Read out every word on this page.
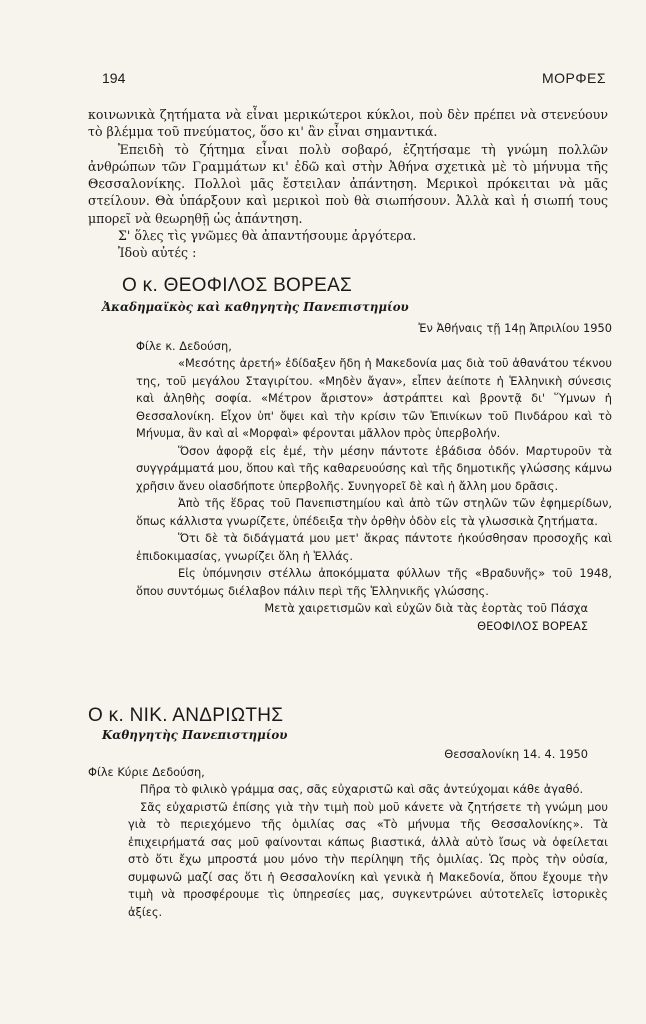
194	ΜΟΡΦΕΣ

κοινωνικὰ ζητήματα νὰ εἶναι μερικώτεροι κύκλοι, ποὺ δὲν πρέπει νὰ στενεύουν τὸ βλέμμα τοῦ πνεύματος, ὅσο κι' ἂν εἶναι σημαντικά.

Ἐπειδὴ τὸ ζήτημα εἶναι πολὺ σοβαρό, ἐζητήσαμε τὴ γνώμη πολλῶν ἀνθρώπων τῶν Γραμμάτων κι' ἐδῶ καὶ στὴν Ἀθήνα σχετικὰ μὲ τὸ μήνυμα τῆς Θεσσαλονίκης. Πολλοὶ μᾶς ἔστειλαν ἀπάντηση. Μερικοὶ πρόκειται νὰ μᾶς στείλουν. Θὰ ὑπάρξουν καὶ μερικοὶ ποὺ θὰ σιωπήσουν. Ἀλλὰ καὶ ἡ σιωπή τους μπορεῖ νὰ θεωρηθῇ ὡς ἀπάντηση.

Σ' ὅλες τὶς γνῶμες θὰ ἀπαντήσουμε ἀργότερα.

Ἰδοὺ αὐτές :

Ο κ. ΘΕΟΦΙΛΟΣ ΒΟΡΕΑΣ
Ἀκαδημαϊκὸς καὶ καθηγητὴς Πανεπιστημίου

Ἐν Ἀθήναις τῇ 14ῃ Ἀπριλίου 1950

Φίλε κ. Δεδούση,

«Μεσότης ἀρετή» ἐδίδαξεν ἤδη ἡ Μακεδονία μας διὰ τοῦ ἀθανάτου τέκνου της, τοῦ μεγάλου Σταγιρίτου. «Μηδὲν ἄγαν», εἶπεν ἀείποτε ἡ Ἑλληνικὴ σύνεσις καὶ ἀληθὴς σοφία. «Μέτρον ἄριστον» ἀστράπτει καὶ βροντᾷ δι' Ὕμνων ἡ Θεσσαλονίκη. Εἶχον ὑπ' ὄψει καὶ τὴν κρίσιν τῶν Ἐπινίκων τοῦ Πινδάρου καὶ τὸ Μήνυμα, ἂν καὶ αἱ «Μορφαὶ» φέρονται μᾶλλον πρὸς ὑπερβολήν.

Ὅσον ἀφορᾷ εἰς ἐμέ, τὴν μέσην πάντοτε ἐβάδισα ὁδόν. Μαρτυροῦν τὰ συγγράμματά μου, ὅπου καὶ τῆς καθαρευούσης καὶ τῆς δημοτικῆς γλώσσης κάμνω χρῆσιν ἄνευ οἱασδήποτε ὑπερβολῆς. Συνηγορεῖ δὲ καὶ ἡ ἄλλη μου δρᾶσις.

Ἀπὸ τῆς ἕδρας τοῦ Πανεπιστημίου καὶ ἀπὸ τῶν στηλῶν τῶν ἐφημερίδων, ὅπως κάλλιστα γνωρίζετε, ὑπέδειξα τὴν ὀρθὴν ὁδὸν εἰς τὰ γλωσσικὰ ζητήματα.

Ὅτι δὲ τὰ διδάγματά μου μετ' ἄκρας πάντοτε ἠκούσθησαν προσοχῆς καὶ ἐπιδοκιμασίας, γνωρίζει ὅλη ἡ Ἑλλάς.

Εἰς ὑπόμνησιν στέλλω ἀποκόμματα φύλλων τῆς «Βραδυνῆς» τοῦ 1948, ὅπου συντόμως διέλαβον πάλιν περὶ τῆς Ἑλληνικῆς γλώσσης.

Μετὰ χαιρετισμῶν καὶ εὐχῶν διὰ τὰς ἑορτὰς τοῦ Πάσχα

ΘΕΟΦΙΛΟΣ ΒΟΡΕΑΣ

Ο κ. ΝΙΚ. ΑΝΔΡΙΩΤΗΣ
Καθηγητὴς Πανεπιστημίου

Θεσσαλονίκη 14. 4. 1950

Φίλε Κύριε Δεδούση,

Πῆρα τὸ φιλικὸ γράμμα σας, σᾶς εὐχαριστῶ καὶ σᾶς ἀντεύχομαι κάθε ἀγαθό.

Σᾶς εὐχαριστῶ ἐπίσης γιὰ τὴν τιμὴ ποὺ μοῦ κάνετε νὰ ζητήσετε τὴ γνώμη μου γιὰ τὸ περιεχόμενο τῆς ὁμιλίας σας «Τὸ μήνυμα τῆς Θεσσαλονίκης». Τὰ ἐπιχειρήματά σας μοῦ φαίνονται κάπως βιαστικά, ἀλλὰ αὐτὸ ἴσως νὰ ὀφείλεται στὸ ὅτι ἔχω μπροστά μου μόνο τὴν περίληψη τῆς ὁμιλίας. Ὡς πρὸς τὴν οὐσία, συμφωνῶ μαζί σας ὅτι ἡ Θεσσαλονίκη καὶ γενικὰ ἡ Μακεδονία, ὅπου ἔχουμε τὴν τιμὴ νὰ προσφέρουμε τὶς ὑπηρεσίες μας, συγκεντρώνει αὐτοτελεῖς ἱστορικὲς ἀξίες.
